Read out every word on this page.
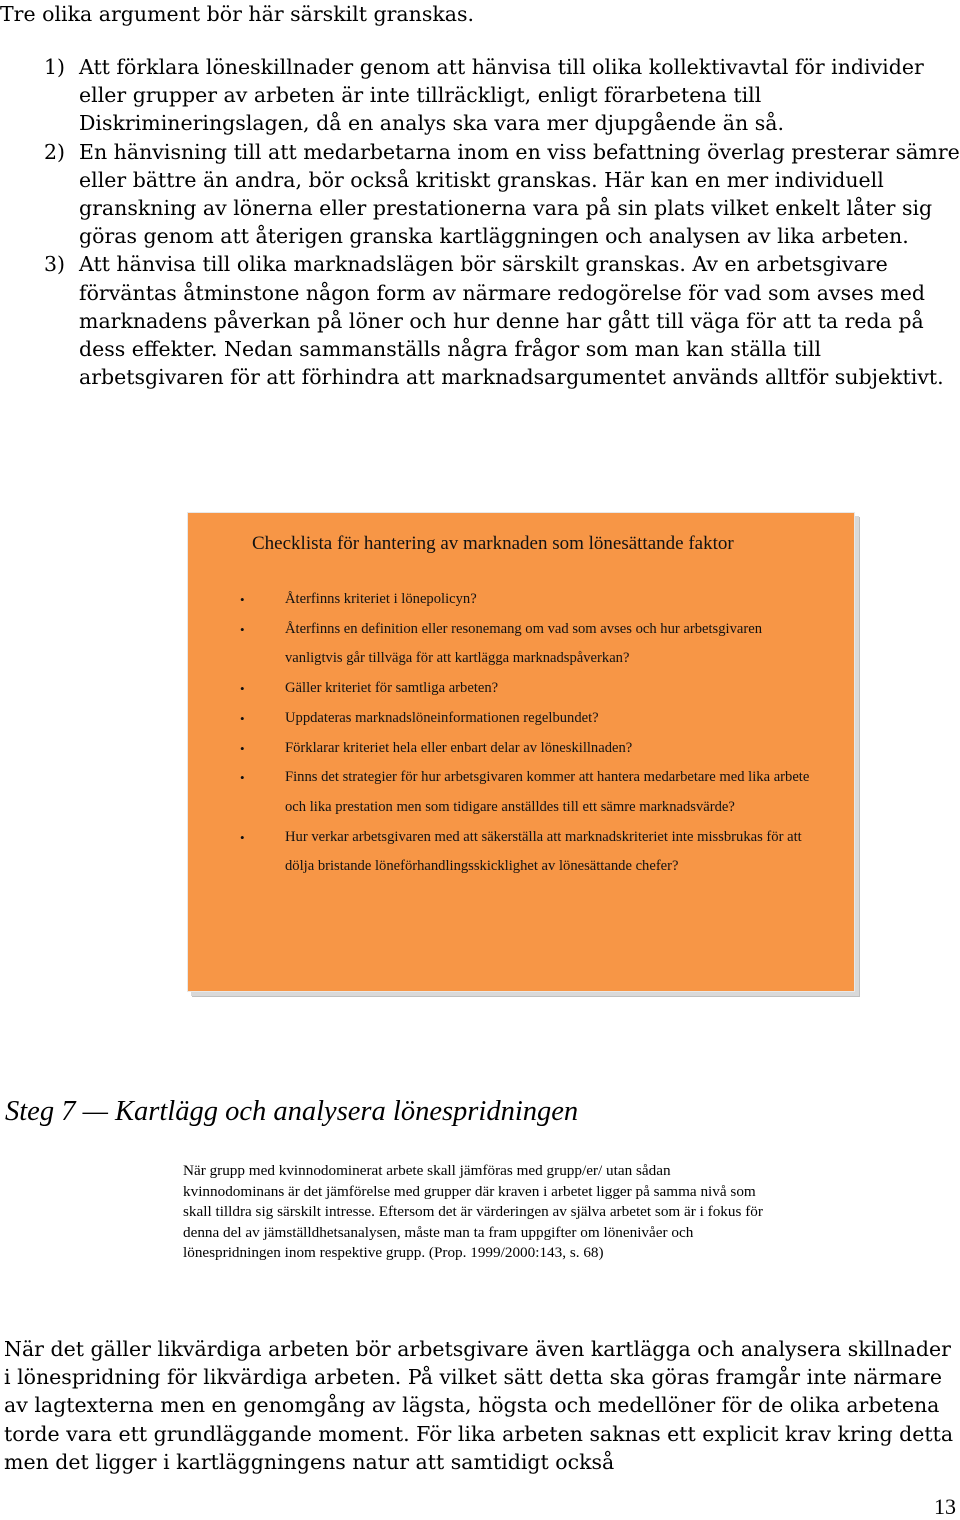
Tre olika argument bör här särskilt granskas.
1) Att förklara löneskillnader genom att hänvisa till olika kollektivavtal för individer eller grupper av arbeten är inte tillräckligt, enligt förarbetena till Diskrimineringslagen, då en analys ska vara mer djupgående än så.
2) En hänvisning till att medarbetarna inom en viss befattning överlag presterar sämre eller bättre än andra, bör också kritiskt granskas. Här kan en mer individuell granskning av lönerna eller prestationerna vara på sin plats vilket enkelt låter sig göras genom att återigen granska kartläggningen och analysen av lika arbeten.
3) Att hänvisa till olika marknadslägen bör särskilt granskas. Av en arbetsgivare förväntas åtminstone någon form av närmare redogörelse för vad som avses med marknadens påverkan på löner och hur denne har gått till väga för att ta reda på dess effekter. Nedan sammanställs några frågor som man kan ställa till arbetsgivaren för att förhindra att marknadsargumentet används alltför subjektivt.
Checklista för hantering av marknaden som lönesättande faktor
•	Återfinns kriteriet i lönepolicyn?
•	Återfinns en definition eller resonemang om vad som avses och hur arbetsgivaren vanligtvis går tillväga för att kartlägga marknadspåverkan?
•	Gäller kriteriet för samtliga arbeten?
•	Uppdateras marknadslöneinformationen regelbundet?
•	Förklarar kriteriet hela eller enbart delar av löneskillnaden?
•	Finns det strategier för hur arbetsgivaren kommer att hantera medarbetare med lika arbete och lika prestation men som tidigare anställdes till ett sämre marknadsvärde?
•	Hur verkar arbetsgivaren med att säkerställa att marknadskriteriet inte missbrukas för att dölja bristande löneförhandlingsskicklighet av lönesättande chefer?
Steg 7 — Kartlägg och analysera lönespridningen
När grupp med kvinnodominerat arbete skall jämföras med grupp/er/ utan sådan kvinnodominans är det jämförelse med grupper där kraven i arbetet ligger på samma nivå som skall tilldra sig särskilt intresse. Eftersom det är värderingen av själva arbetet som är i fokus för denna del av jämställdhetsanalysen, måste man ta fram uppgifter om lönenivåer och lönespridningen inom respektive grupp. (Prop. 1999/2000:143, s. 68)
När det gäller likvärdiga arbeten bör arbetsgivare även kartlägga och analysera skillnader i lönespridning för likvärdiga arbeten. På vilket sätt detta ska göras framgår inte närmare av lagtexterna men en genomgång av lägsta, högsta och medellöner för de olika arbetena torde vara ett grundläggande moment. För lika arbeten saknas ett explicit krav kring detta men det ligger i kartläggningens natur att samtidigt också
13
